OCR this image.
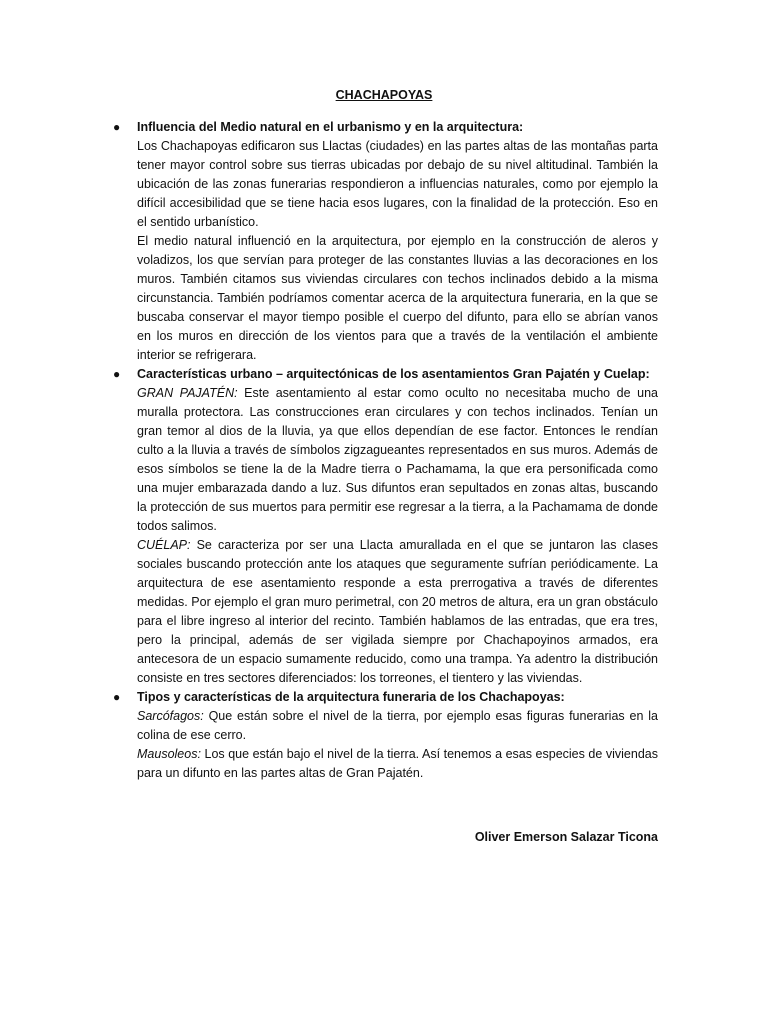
CHACHAPOYAS
● Influencia del Medio natural en el urbanismo y en la arquitectura:
Los Chachapoyas edificaron sus Llactas (ciudades) en las partes altas de las montañas parta tener mayor control sobre sus tierras ubicadas por debajo de su nivel altitudinal. También la ubicación de las zonas funerarias respondieron a influencias naturales, como por ejemplo la difícil accesibilidad que se tiene hacia esos lugares, con la finalidad de la protección. Eso en el sentido urbanístico.
El medio natural influenció en la arquitectura, por ejemplo en la construcción de aleros y voladizos, los que servían para proteger de las constantes lluvias a las decoraciones en los muros. También citamos sus viviendas circulares con techos inclinados debido a la misma circunstancia. También podríamos comentar acerca de la arquitectura funeraria, en la que se buscaba conservar el mayor tiempo posible el cuerpo del difunto, para ello se abrían vanos en los muros en dirección de los vientos para que a través de la ventilación el ambiente interior se refrigerara.
● Características urbano – arquitectónicas de los asentamientos Gran Pajatén y Cuelap:
GRAN PAJATÉN: Este asentamiento al estar como oculto no necesitaba mucho de una muralla protectora. Las construcciones eran circulares y con techos inclinados. Tenían un gran temor al dios de la lluvia, ya que ellos dependían de ese factor. Entonces le rendían culto a la lluvia a través de símbolos zigzagueantes representados en sus muros. Además de esos símbolos se tiene la de la Madre tierra o Pachamama, la que era personificada como una mujer embarazada dando a luz. Sus difuntos eran sepultados en zonas altas, buscando la protección de sus muertos para permitir ese regresar a la tierra, a la Pachamama de donde todos salimos.
CUÉLAP: Se caracteriza por ser una Llacta amurallada en el que se juntaron las clases sociales buscando protección ante los ataques que seguramente sufrían periódicamente. La arquitectura de ese asentamiento responde a esta prerrogativa a través de diferentes medidas. Por ejemplo el gran muro perimetral, con 20 metros de altura, era un gran obstáculo para el libre ingreso al interior del recinto. También hablamos de las entradas, que era tres, pero la principal, además de ser vigilada siempre por Chachapoyinos armados, era antecesora de un espacio sumamente reducido, como una trampa. Ya adentro la distribución consiste en tres sectores diferenciados: los torreones, el tientero y las viviendas.
● Tipos y características de la arquitectura funeraria de los Chachapoyas:
Sarcófagos: Que están sobre el nivel de la tierra, por ejemplo esas figuras funerarias en la colina de ese cerro.
Mausoleos: Los que están bajo el nivel de la tierra. Así tenemos a esas especies de viviendas para un difunto en las partes altas de Gran Pajatén.
Oliver Emerson Salazar Ticona
